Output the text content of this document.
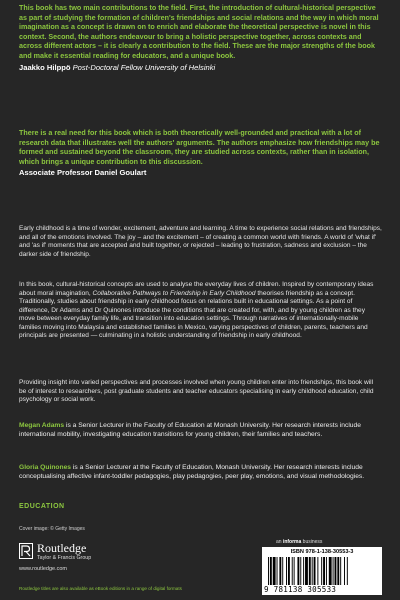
This book has two main contributions to the field. First, the introduction of cultural-historical perspective as part of studying the formation of children's friendships and social relations and the way in which moral imagination as a concept is drawn on to enrich and elaborate the theoretical perspective is novel in this context. Second, the authors endeavour to bring a holistic perspective together, across contexts and across different actors – it is clearly a contribution to the field. These are the major strengths of the book and make it essential reading for educators, and a unique book.
Jaakko Hilppö Post-Doctoral Fellow University of Helsinki
There is a real need for this book which is both theoretically well-grounded and practical with a lot of research data that illustrates well the authors' arguments. The authors emphasize how friendships may be formed and sustained beyond the classroom, they are studied across contexts, rather than in isolation, which brings a unique contribution to this discussion.
Associate Professor Daniel Goulart

Early childhood is a time of wonder, excitement, adventure and learning. A time to experience social relations and friendships, and all of the emotions involved. The joy – and the excitement – of creating a common world with friends. A world of 'what if' and 'as if' moments that are accepted and built together, or rejected – leading to frustration, sadness and exclusion – the darker side of friendship.

In this book, cultural-historical concepts are used to analyse the everyday lives of children. Inspired by contemporary ideas about moral imagination, Collaborative Pathways to Friendship in Early Childhood theorises friendship as a concept. Traditionally, studies about friendship in early childhood focus on relations built in educational settings. As a point of difference, Dr Adams and Dr Quinones introduce the conditions that are created for, with, and by young children as they move between everyday family life, and transition into education settings. Through narratives of internationally-mobile families moving into Malaysia and established families in Mexico, varying perspectives of children, parents, teachers and principals are presented — culminating in a holistic understanding of friendship in early childhood.

Providing insight into varied perspectives and processes involved when young children enter into friendships, this book will be of interest to researchers, post graduate students and teacher educators specialising in early childhood education, child psychology or social work.

Megan Adams is a Senior Lecturer in the Faculty of Education at Monash University. Her research interests include international mobility, investigating education transitions for young children, their families and teachers.

Gloria Quinones is a Senior Lecturer at the Faculty of Education, Monash University. Her research interests include conceptualising affective infant-toddler pedagogies, play pedagogies, peer play, emotions, and visual methodologies.

EDUCATION
Cover image: © Getty Images
Routledge
Taylor & Francis Group
www.routledge.com
Routledge titles are also available as eBook editions in a range of digital formats
an informa business
ISBN 978-1-138-30553-3
9 781138 305533
